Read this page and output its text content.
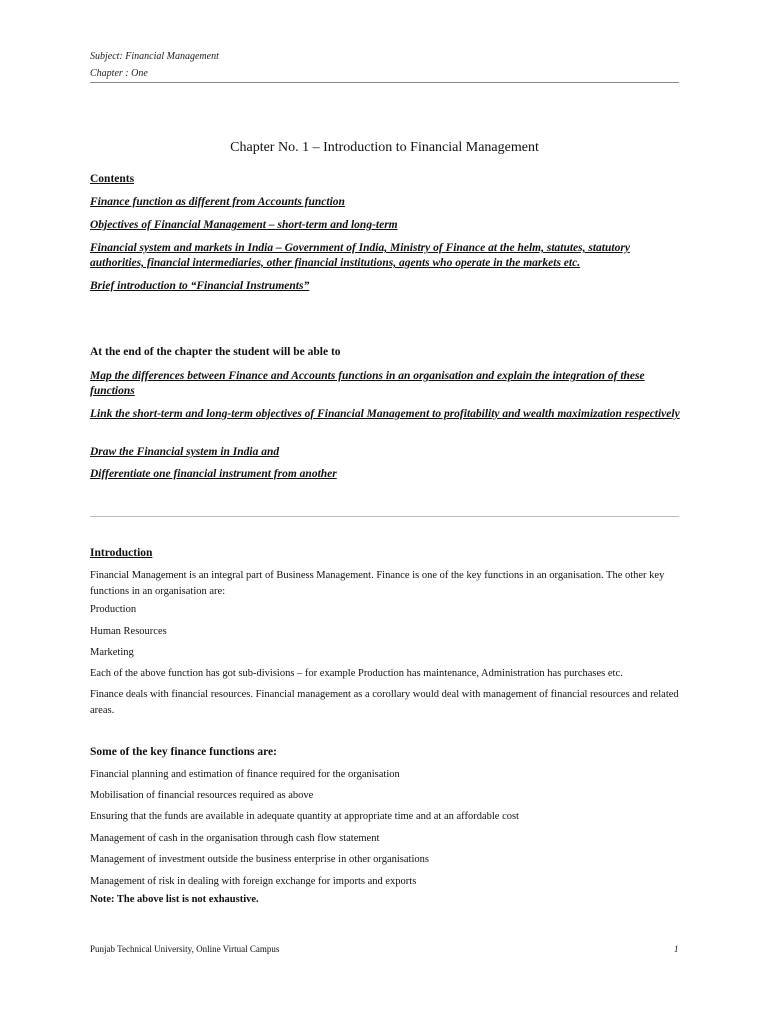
Subject: Financial Management
Chapter : One
Chapter No. 1 – Introduction to Financial Management
Contents
Finance function as different from Accounts function
Objectives of Financial Management – short-term and long-term
Financial system and markets in India – Government of India, Ministry of Finance at the helm, statutes, statutory authorities, financial intermediaries, other financial institutions, agents who operate in the markets etc.
Brief introduction to “Financial Instruments”
At the end of the chapter the student will be able to
Map the differences between Finance and Accounts functions in an organisation and explain the integration of these functions
Link the short-term and long-term objectives of Financial Management to profitability and wealth maximization respectively
Draw the Financial system in India and
Differentiate one financial instrument from another
Introduction
Financial Management is an integral part of Business Management. Finance is one of the key functions in an organisation. The other key functions in an organisation are:
Production
Human Resources
Marketing
Each of the above function has got sub-divisions – for example Production has maintenance, Administration has purchases etc.
Finance deals with financial resources. Financial management as a corollary would deal with management of financial resources and related areas.
Some of the key finance functions are:
Financial planning and estimation of finance required for the organisation
Mobilisation of financial resources required as above
Ensuring that the funds are available in adequate quantity at appropriate time and at an affordable cost
Management of cash in the organisation through cash flow statement
Management of investment outside the business enterprise in other organisations
Management of risk in dealing with foreign exchange for imports and exports
Note: The above list is not exhaustive.
Punjab Technical University, Online Virtual Campus	1
